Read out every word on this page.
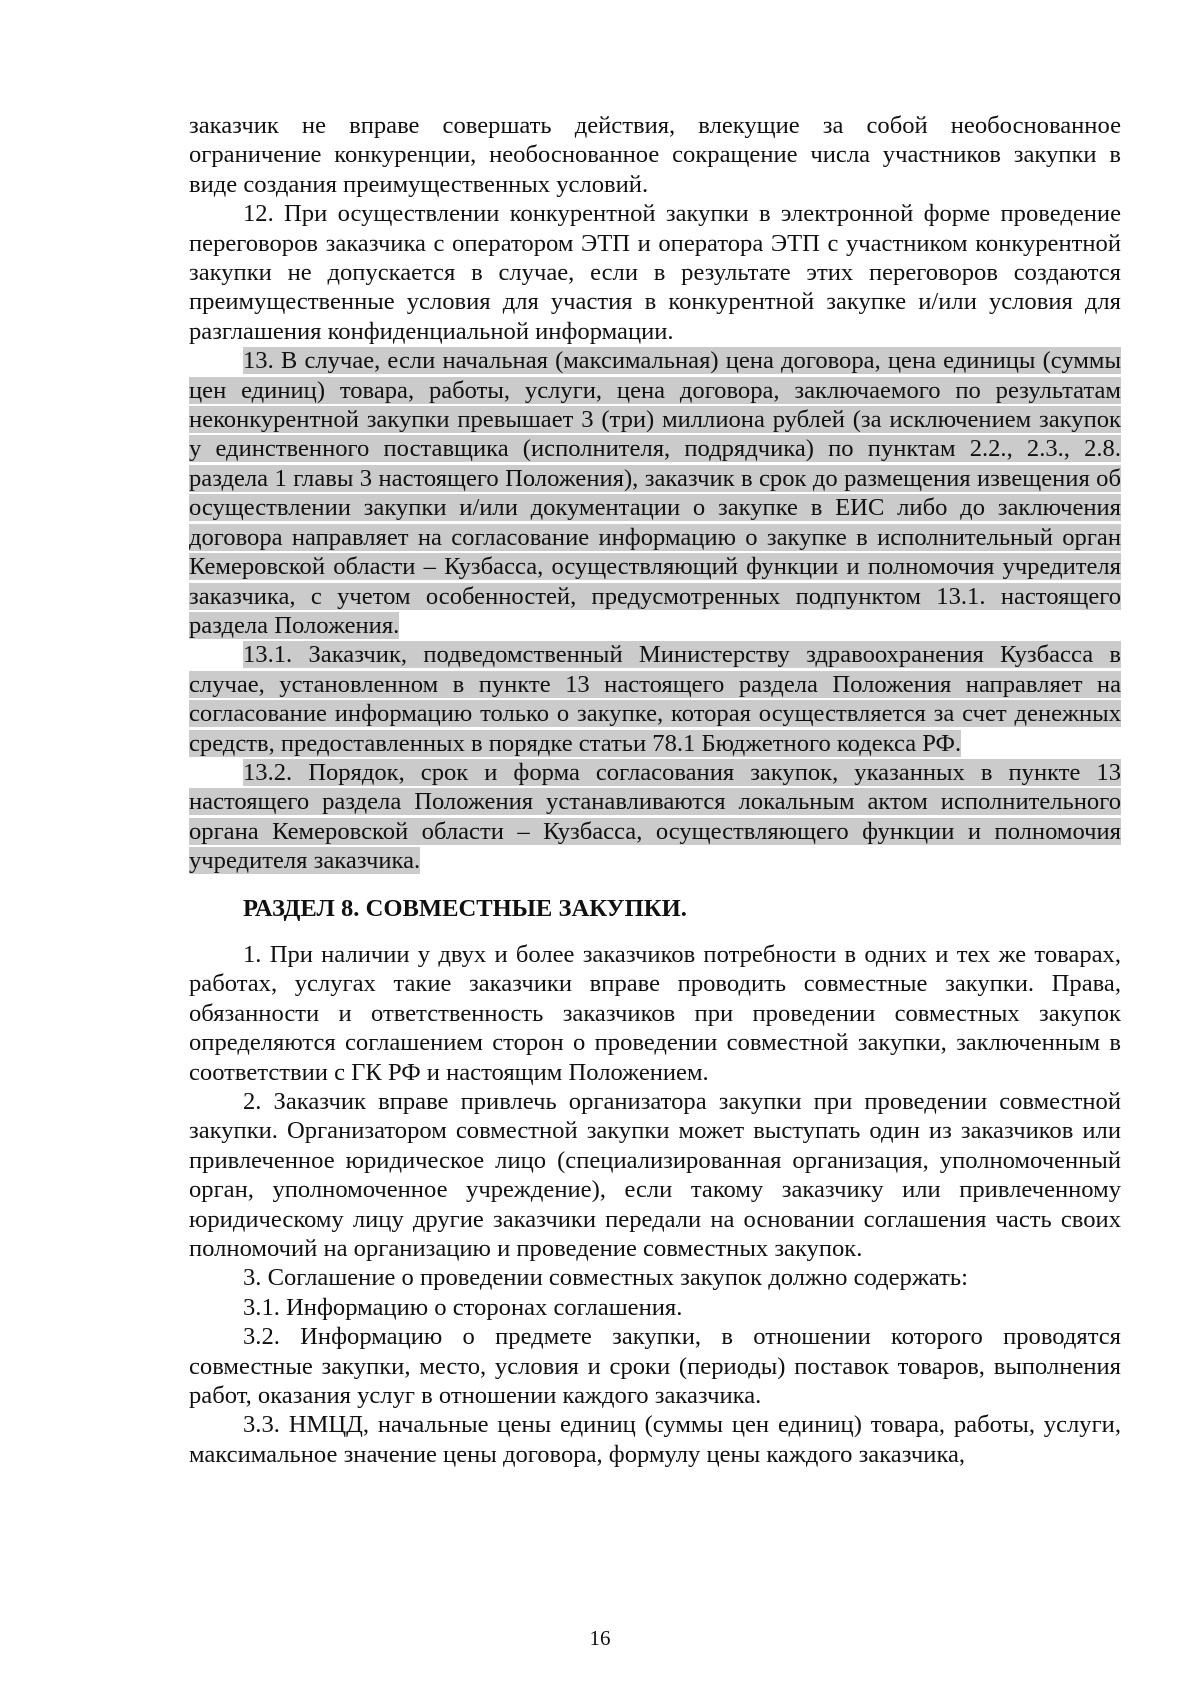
заказчик не вправе совершать действия, влекущие за собой необоснованное ограничение конкуренции, необоснованное сокращение числа участников закупки в виде создания преимущественных условий.

12. При осуществлении конкурентной закупки в электронной форме проведение переговоров заказчика с оператором ЭТП и оператора ЭТП с участником конкурентной закупки не допускается в случае, если в результате этих переговоров создаются преимущественные условия для участия в конкурентной закупке и/или условия для разглашения конфиденциальной информации.

13. В случае, если начальная (максимальная) цена договора, цена единицы (суммы цен единиц) товара, работы, услуги, цена договора, заключаемого по результатам неконкурентной закупки превышает 3 (три) миллиона рублей (за исключением закупок у единственного поставщика (исполнителя, подрядчика) по пунктам 2.2., 2.3., 2.8. раздела 1 главы 3 настоящего Положения), заказчик в срок до размещения извещения об осуществлении закупки и/или документации о закупке в ЕИС либо до заключения договора направляет на согласование информацию о закупке в исполнительный орган Кемеровской области – Кузбасса, осуществляющий функции и полномочия учредителя заказчика, с учетом особенностей, предусмотренных подпунктом 13.1. настоящего раздела Положения.

13.1. Заказчик, подведомственный Министерству здравоохранения Кузбасса в случае, установленном в пункте 13 настоящего раздела Положения направляет на согласование информацию только о закупке, которая осуществляется за счет денежных средств, предоставленных в порядке статьи 78.1 Бюджетного кодекса РФ.

13.2. Порядок, срок и форма согласования закупок, указанных в пункте 13 настоящего раздела Положения устанавливаются локальным актом исполнительного органа Кемеровской области – Кузбасса, осуществляющего функции и полномочия учредителя заказчика.

РАЗДЕЛ 8. СОВМЕСТНЫЕ ЗАКУПКИ.

1. При наличии у двух и более заказчиков потребности в одних и тех же товарах, работах, услугах такие заказчики вправе проводить совместные закупки. Права, обязанности и ответственность заказчиков при проведении совместных закупок определяются соглашением сторон о проведении совместной закупки, заключенным в соответствии с ГК РФ и настоящим Положением.

2. Заказчик вправе привлечь организатора закупки при проведении совместной закупки. Организатором совместной закупки может выступать один из заказчиков или привлеченное юридическое лицо (специализированная организация, уполномоченный орган, уполномоченное учреждение), если такому заказчику или привлеченному юридическому лицу другие заказчики передали на основании соглашения часть своих полномочий на организацию и проведение совместных закупок.

3. Соглашение о проведении совместных закупок должно содержать:

3.1. Информацию о сторонах соглашения.

3.2. Информацию о предмете закупки, в отношении которого проводятся совместные закупки, место, условия и сроки (периоды) поставок товаров, выполнения работ, оказания услуг в отношении каждого заказчика.

3.3. НМЦД, начальные цены единиц (суммы цен единиц) товара, работы, услуги, максимальное значение цены договора, формулу цены каждого заказчика,

16
